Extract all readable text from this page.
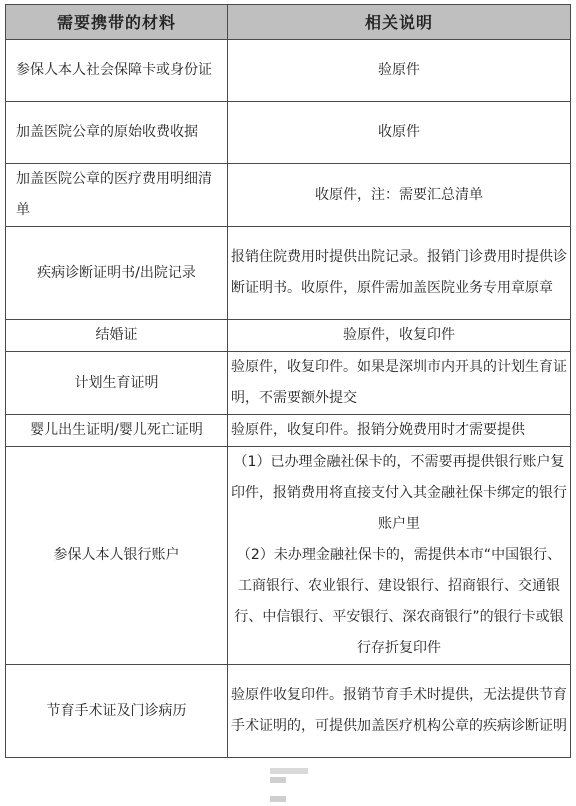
需要携带的材料	相关说明
参保人本人社会保障卡或身份证	验原件
加盖医院公章的原始收费收据	收原件
加盖医院公章的医疗费用明细清单	收原件，注：需要汇总清单
疾病诊断证明书/出院记录	报销住院费用时提供出院记录。报销门诊费用时提供诊断证明书。收原件，原件需加盖医院业务专用章原章
结婚证	验原件，收复印件
计划生育证明	验原件，收复印件。如果是深圳市内开具的计划生育证明，不需要额外提交
婴儿出生证明/婴儿死亡证明	验原件，收复印件。报销分娩费用时才需要提供
参保人本人银行账户	（1）已办理金融社保卡的，不需要再提供银行账户复印件，报销费用将直接支付入其金融社保卡绑定的银行账户里
（2）未办理金融社保卡的，需提供本市“中国银行、工商银行、农业银行、建设银行、招商银行、交通银行、中信银行、平安银行、深农商银行”的银行卡或银行存折复印件

节育手术证及门诊病历	验原件收复印件。报销节育手术时提供，无法提供节育手术证明的，可提供加盖医疗机构公章的疾病诊断证明
